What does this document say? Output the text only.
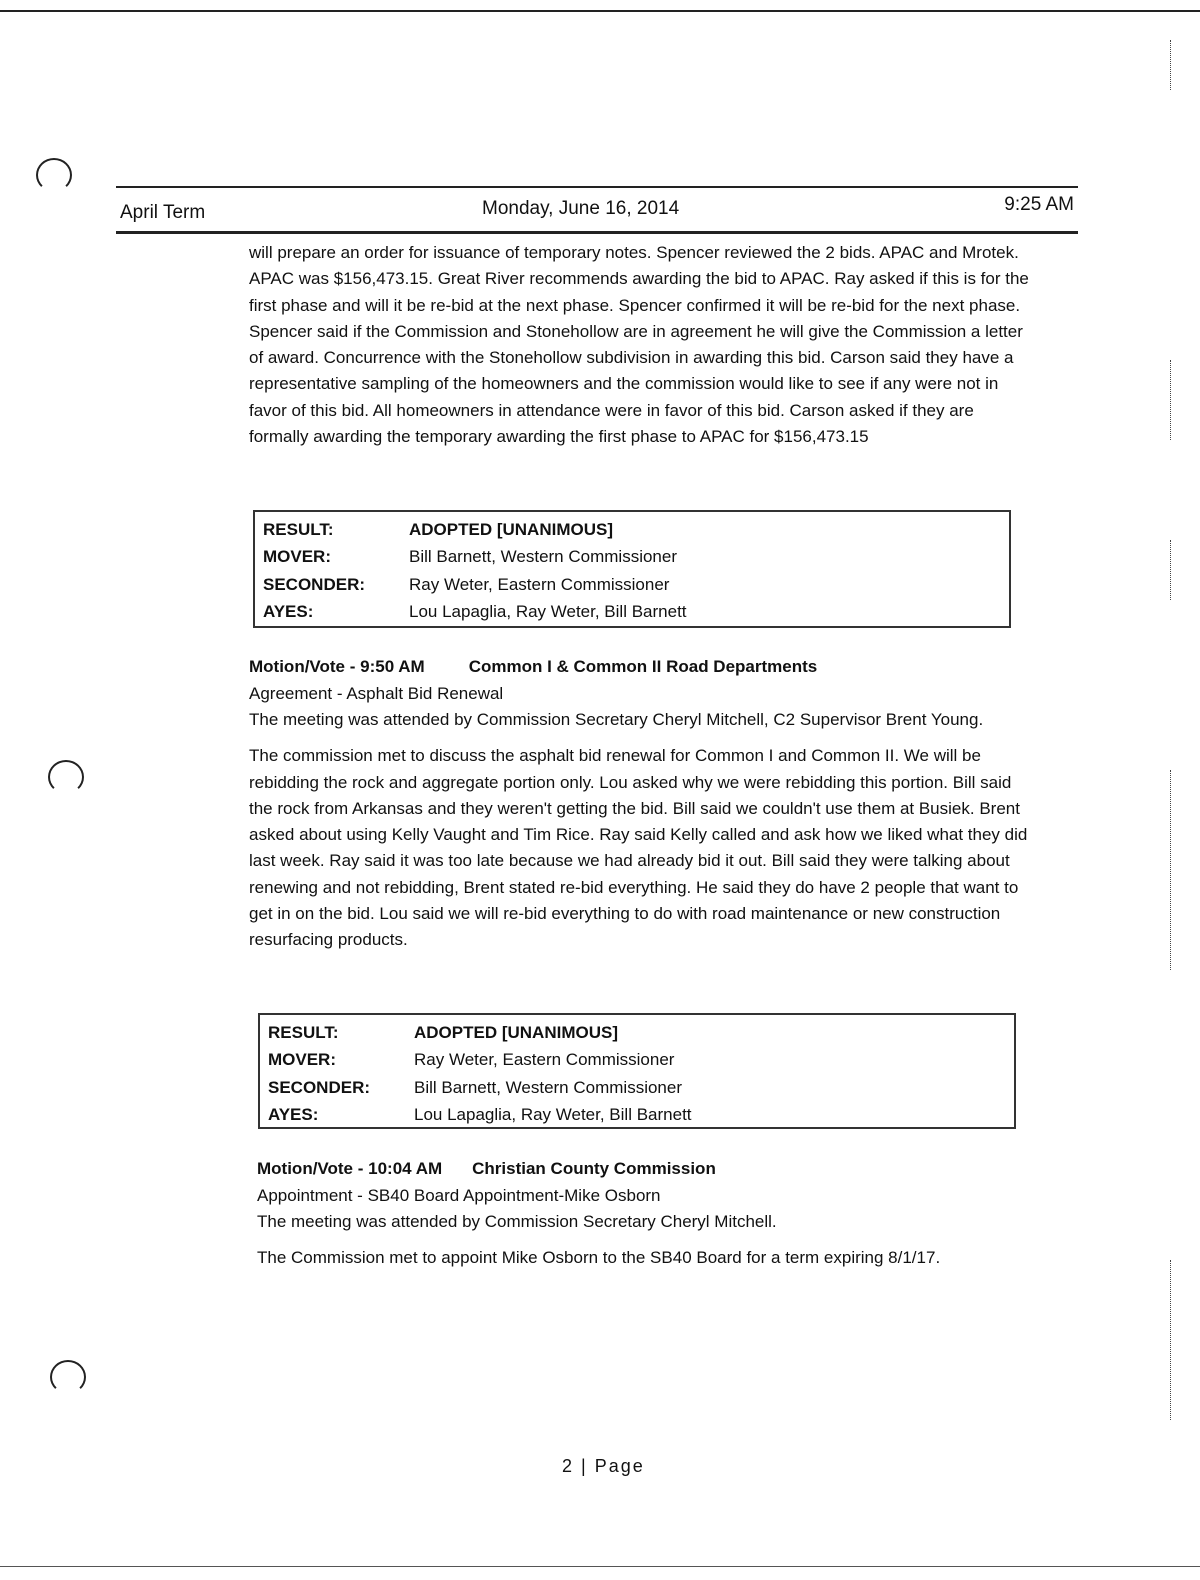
April Term	Monday, June 16, 2014	9:25 AM

will prepare an order for issuance of temporary notes. Spencer reviewed the 2 bids. APAC and Mrotek. APAC was $156,473.15. Great River recommends awarding the bid to APAC. Ray asked if this is for the first phase and will it be re-bid at the next phase. Spencer confirmed it will be re-bid for the next phase. Spencer said if the Commission and Stonehollow are in agreement he will give the Commission a letter of award. Concurrence with the Stonehollow subdivision in awarding this bid. Carson said they have a representative sampling of the homeowners and the commission would like to see if any were not in favor of this bid. All homeowners in attendance were in favor of this bid. Carson asked if they are formally awarding the temporary awarding the first phase to APAC for $156,473.15

RESULT:	ADOPTED [UNANIMOUS]
MOVER:	Bill Barnett, Western Commissioner
SECONDER:	Ray Weter, Eastern Commissioner
AYES:	Lou Lapaglia, Ray Weter, Bill Barnett
Motion/Vote - 9:50 AM	Common I & Common II Road Departments
Agreement - Asphalt Bid Renewal

The meeting was attended by Commission Secretary Cheryl Mitchell, C2 Supervisor Brent Young.

The commission met to discuss the asphalt bid renewal for Common I and Common II. We will be rebidding the rock and aggregate portion only. Lou asked why we were rebidding this portion. Bill said the rock from Arkansas and they weren't getting the bid. Bill said we couldn't use them at Busiek. Brent asked about using Kelly Vaught and Tim Rice. Ray said Kelly called and ask how we liked what they did last week. Ray said it was too late because we had already bid it out. Bill said they were talking about renewing and not rebidding, Brent stated re-bid everything. He said they do have 2 people that want to get in on the bid. Lou said we will re-bid everything to do with road maintenance or new construction resurfacing products.

RESULT:	ADOPTED [UNANIMOUS]
MOVER:	Ray Weter, Eastern Commissioner
SECONDER:	Bill Barnett, Western Commissioner
AYES:	Lou Lapaglia, Ray Weter, Bill Barnett
Motion/Vote - 10:04 AM Christian County Commission
Appointment - SB40 Board Appointment-Mike Osborn

The meeting was attended by Commission Secretary Cheryl Mitchell.

The Commission met to appoint Mike Osborn to the SB40 Board for a term expiring 8/1/17.

2 | Page
